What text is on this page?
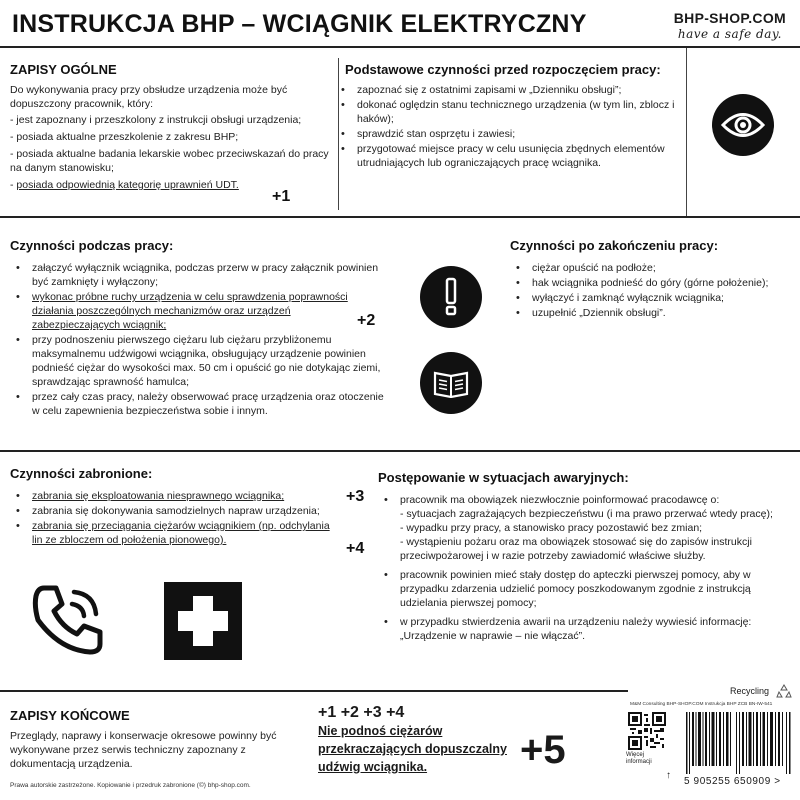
INSTRUKCJA BHP – WCIĄGNIK ELEKTRYCZNY	BHP-SHOP.COM
have a safe day.
ZAPISY OGÓLNE

Do wykonywania pracy przy obsłudze urządzenia może być dopuszczony pracownik, który:

- jest zapoznany i przeszkolony z instrukcji obsługi urządzenia;

- posiada aktualne przeszkolenie z zakresu BHP;

- posiada aktualne badania lekarskie wobec przeciwskazań do pracy na danym stanowisku;

- posiada odpowiednią kategorię uprawnień UDT.

+1
Podstawowe czynności przed rozpoczęciem pracy:
• zapoznać się z ostatnimi zapisami w „Dzienniku obsługi”;
• dokonać oględzin stanu technicznego urządzenia (w tym lin, zblocz i haków);
• sprawdzić stan osprzętu i zawiesi;
• przygotować miejsce pracy w celu usunięcia zbędnych elementów utrudniających lub ograniczających pracę wciągnika.
Czynności podczas pracy:
• załączyć wyłącznik wciągnika, podczas przerw w pracy załącznik powinien być zamknięty i wyłączony;
• wykonac próbne ruchy urządzenia w celu sprawdzenia poprawności działania poszczególnych mechanizmów oraz urządzeń zabezpieczających wciągnik;
• przy podnoszeniu pierwszego ciężaru lub ciężaru przybliżonemu maksymalnemu udźwigowi wciągnika, obsługujący urządzenie powinien podnieść ciężar do wysokości max. 50 cm i opuścić go nie dotykając ziemi, sprawdzając sprawność hamulca;
• przez cały czas pracy, należy obserwować pracę urządzenia oraz otoczenie w celu zapewnienia bezpieczeństwa sobie i innym.
+2
Czynności po zakończeniu pracy:
• ciężar opuścić na podłoże;
• hak wciągnika podnieść do góry (górne położenie);
• wyłączyć i zamknąć wyłącznik wciągnika;
• uzupełnić „Dziennik obsługi”.
Czynności zabronione:
• zabrania się eksploatowania niesprawnego wciągnika;
• zabrania się dokonywania samodzielnych napraw urządzenia;
• zabrania się przeciągania ciężarów wciągnikiem (np. odchylania lin ze zbloczem od położenia pionowego).
+3
+4
Postępowanie w sytuacjach awaryjnych:
• pracownik ma obowiązek niezwłocznie poinformować pracodawcę o:
- sytuacjach zagrażających bezpieczeństwu (i ma prawo przerwać wtedy pracę);
- wypadku przy pracy, a stanowisko pracy pozostawić bez zmian;
- wystąpieniu pożaru oraz ma obowiązek stosować się do zapisów instrukcji przeciwpożarowej i w razie potrzeby zawiadomić właściwe służby.
• pracownik powinien mieć stały dostęp do apteczki pierwszej pomocy, aby w przypadku zdarzenia udzielić pomocy poszkodowanym zgodnie z instrukcją udzielania pierwszej pomocy;
• w przypadku stwierdzenia awarii na urządzeniu należy wywiesić informację: „Urządzenie w naprawie – nie włączać”.
ZAPISY KOŃCOWE

Przeglądy, naprawy i konserwacje okresowe powinny być wykonywane przez serwis techniczny zapoznany z dokumentacją urządzenia.

+1 +2 +3 +4
Nie podnoś ciężarów przekraczających dopuszczalny udźwig wciągnika.	+5
Prawa autorskie zastrzeżone. Kopiowanie i przedruk zabronione (©) bhp-shop.com.
Recycling
M&M Consulting BHP-SHOP.COM Instrukcja BHP ZCB BN-IW-541
Więcej informacji
↑
5 905255 650909 >
